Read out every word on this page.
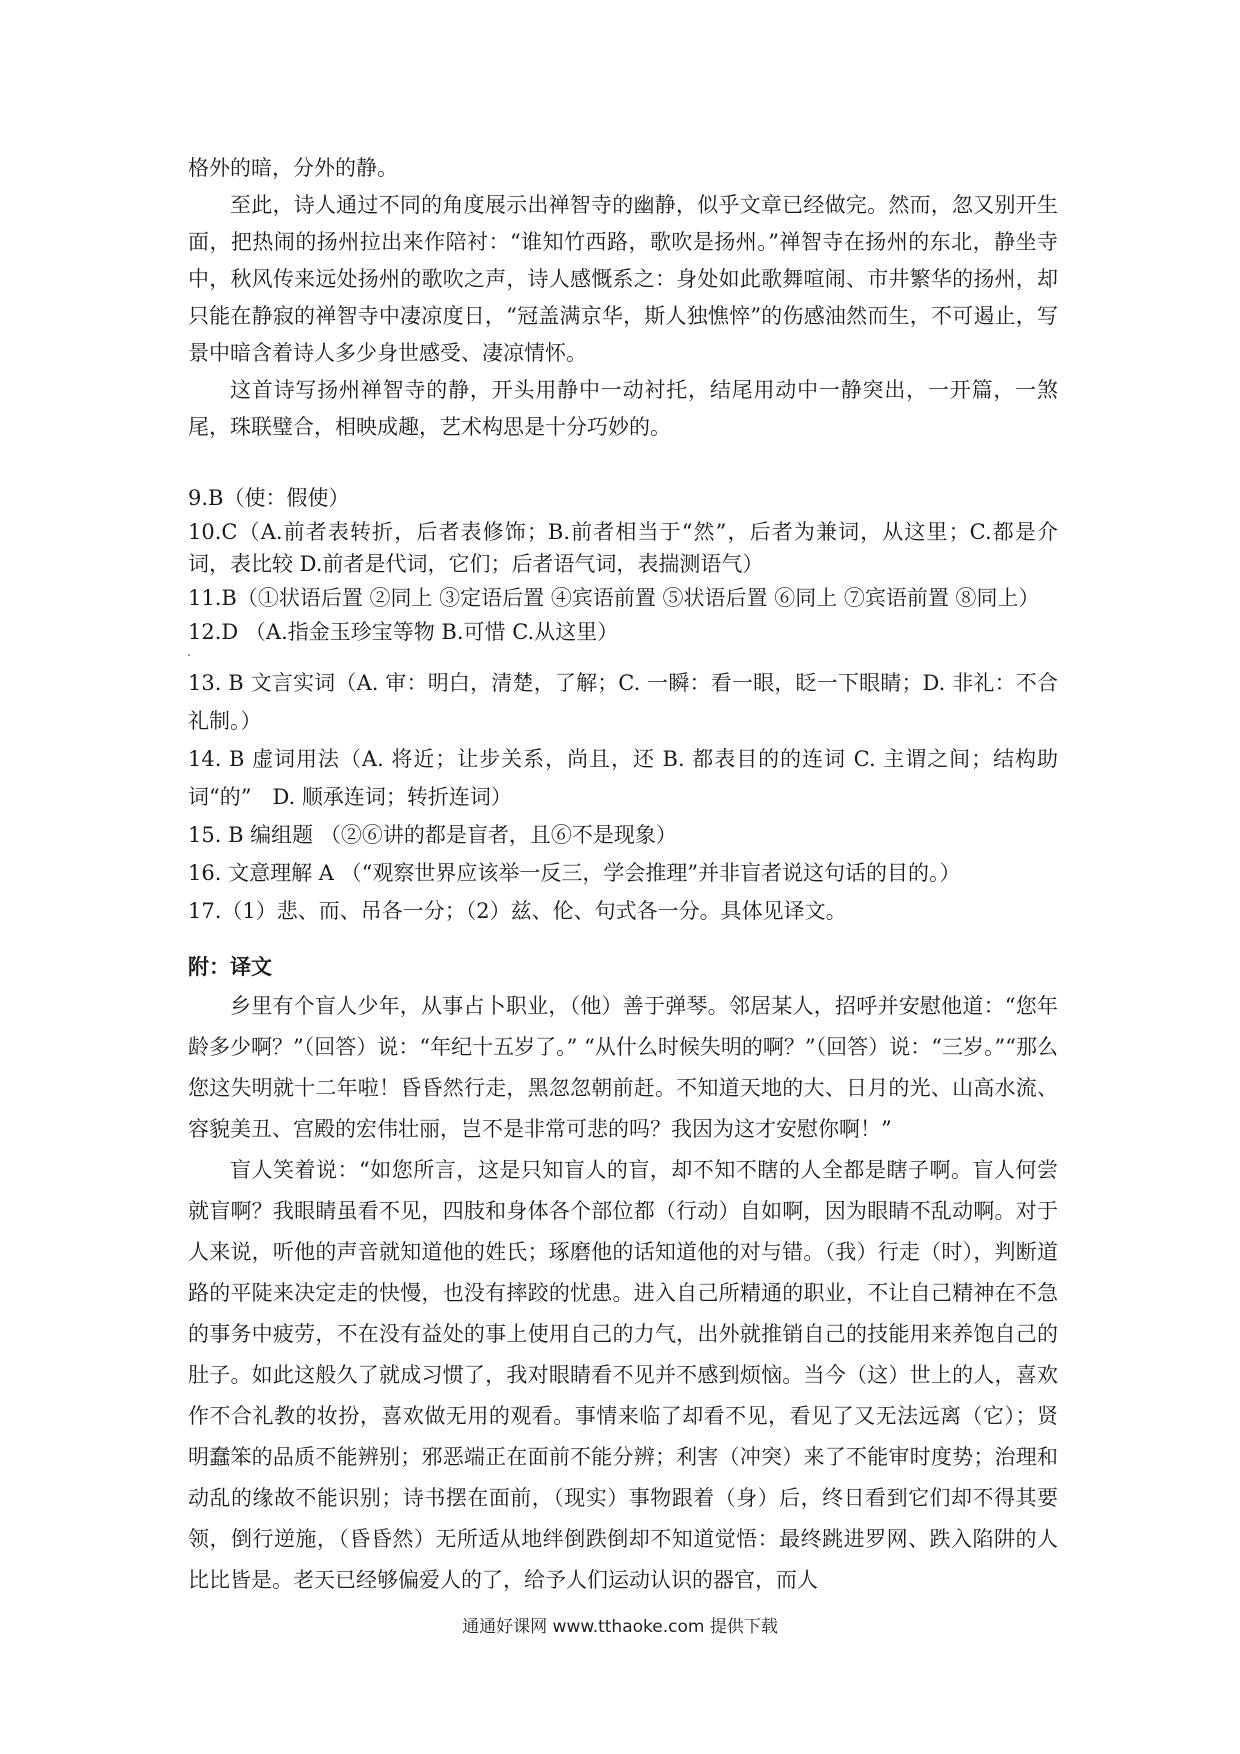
格外的暗，分外的静。

至此，诗人通过不同的角度展示出禅智寺的幽静，似乎文章已经做完。然而，忽又别开生面，把热闹的扬州拉出来作陪衬：“谁知竹西路，歌吹是扬州。”禅智寺在扬州的东北，静坐寺中，秋风传来远处扬州的歌吹之声，诗人感慨系之：身处如此歌舞喧闹、市井繁华的扬州，却只能在静寂的禅智寺中凄凉度日，“冠盖满京华，斯人独憔悴”的伤感油然而生，不可遏止，写景中暗含着诗人多少身世感受、凄凉情怀。

这首诗写扬州禅智寺的静，开头用静中一动衬托，结尾用动中一静突出，一开篇，一煞尾，珠联璧合，相映成趣，艺术构思是十分巧妙的。

9.B（使：假使）

10.C（A.前者表转折，后者表修饰；B.前者相当于“然”，后者为兼词，从这里；C.都是介词，表比较 D.前者是代词，它们；后者语气词，表揣测语气）

11.B（①状语后置 ②同上 ③定语后置 ④宾语前置 ⑤状语后置 ⑥同上 ⑦宾语前置 ⑧同上）

12.D （A.指金玉珍宝等物 B.可惜 C.从这里）

13. B 文言实词（A. 审：明白，清楚，了解；C. 一瞬：看一眼，眨一下眼睛；D. 非礼：不合礼制。）

14. B 虚词用法（A. 将近；让步关系，尚且，还 B. 都表目的的连词 C. 主谓之间；结构助词“的”　D. 顺承连词；转折连词）

15. B 编组题 （②⑥讲的都是盲者，且⑥不是现象）

16. 文意理解 A （“观察世界应该举一反三，学会推理”并非盲者说这句话的目的。）

17.（1）悲、而、吊各一分；（2）兹、伦、句式各一分。具体见译文。

附：译文

乡里有个盲人少年，从事占卜职业，（他）善于弹琴。邻居某人，招呼并安慰他道：“您年龄多少啊？”（回答）说：“年纪十五岁了。” “从什么时候失明的啊？”（回答）说：“三岁。”“那么您这失明就十二年啦！昏昏然行走，黑忽忽朝前赶。不知道天地的大、日月的光、山高水流、容貌美丑、宫殿的宏伟壮丽，岂不是非常可悲的吗？我因为这才安慰你啊！”

盲人笑着说：“如您所言，这是只知盲人的盲，却不知不瞎的人全都是瞎子啊。盲人何尝就盲啊？我眼睛虽看不见，四肢和身体各个部位都（行动）自如啊，因为眼睛不乱动啊。对于人来说，听他的声音就知道他的姓氏；琢磨他的话知道他的对与错。（我）行走（时），判断道路的平陡来决定走的快慢，也没有摔跤的忧患。进入自己所精通的职业，不让自己精神在不急的事务中疲劳，不在没有益处的事上使用自己的力气，出外就推销自己的技能用来养饱自己的肚子。如此这般久了就成习惯了，我对眼睛看不见并不感到烦恼。当今（这）世上的人，喜欢作不合礼教的妆扮，喜欢做无用的观看。事情来临了却看不见，看见了又无法远离（它）；贤明蠢笨的品质不能辨别；邪恶端正在面前不能分辨；利害（冲突）来了不能审时度势；治理和动乱的缘故不能识别；诗书摆在面前，（现实）事物跟着（身）后，终日看到它们却不得其要领，倒行逆施，（昏昏然）无所适从地绊倒跌倒却不知道觉悟：最终跳进罗网、跌入陷阱的人比比皆是。老天已经够偏爱人的了，给予人们运动认识的器官，而人

通通好课网 www.tthaoke.com 提供下载
